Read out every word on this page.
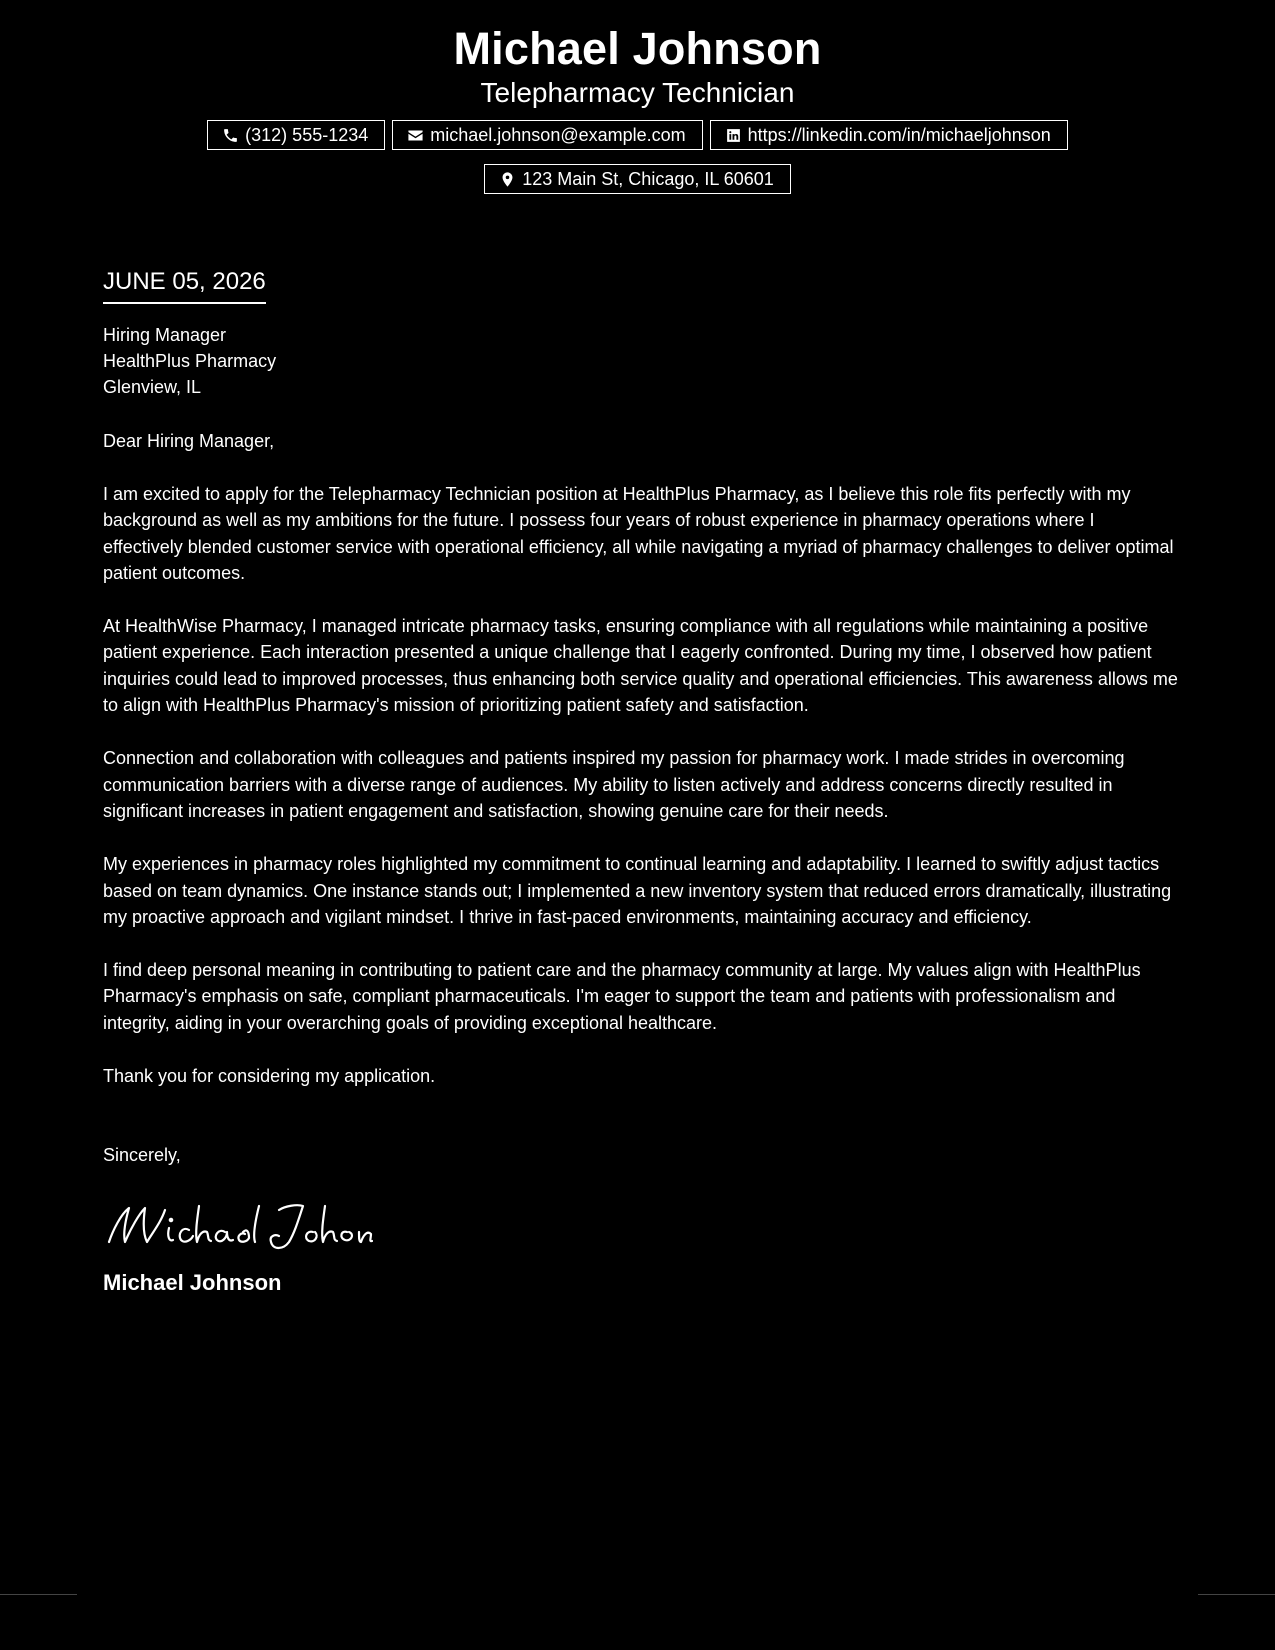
Michael Johnson
Telepharmacy Technician
(312) 555-1234	michael.johnson@example.com	https://linkedin.com/in/michaeljohnson
123 Main St, Chicago, IL 60601
JUNE 05, 2026
Hiring Manager
HealthPlus Pharmacy
Glenview, IL
Dear Hiring Manager,

I am excited to apply for the Telepharmacy Technician position at HealthPlus Pharmacy, as I believe this role fits perfectly with my background as well as my ambitions for the future. I possess four years of robust experience in pharmacy operations where I effectively blended customer service with operational efficiency, all while navigating a myriad of pharmacy challenges to deliver optimal patient outcomes.

At HealthWise Pharmacy, I managed intricate pharmacy tasks, ensuring compliance with all regulations while maintaining a positive patient experience. Each interaction presented a unique challenge that I eagerly confronted. During my time, I observed how patient inquiries could lead to improved processes, thus enhancing both service quality and operational efficiencies. This awareness allows me to align with HealthPlus Pharmacy's mission of prioritizing patient safety and satisfaction.

Connection and collaboration with colleagues and patients inspired my passion for pharmacy work. I made strides in overcoming communication barriers with a diverse range of audiences. My ability to listen actively and address concerns directly resulted in significant increases in patient engagement and satisfaction, showing genuine care for their needs.

My experiences in pharmacy roles highlighted my commitment to continual learning and adaptability. I learned to swiftly adjust tactics based on team dynamics. One instance stands out; I implemented a new inventory system that reduced errors dramatically, illustrating my proactive approach and vigilant mindset. I thrive in fast-paced environments, maintaining accuracy and efficiency.

I find deep personal meaning in contributing to patient care and the pharmacy community at large. My values align with HealthPlus Pharmacy's emphasis on safe, compliant pharmaceuticals. I'm eager to support the team and patients with professionalism and integrity, aiding in your overarching goals of providing exceptional healthcare.

Thank you for considering my application.

Sincerely,
Michael Johnson
